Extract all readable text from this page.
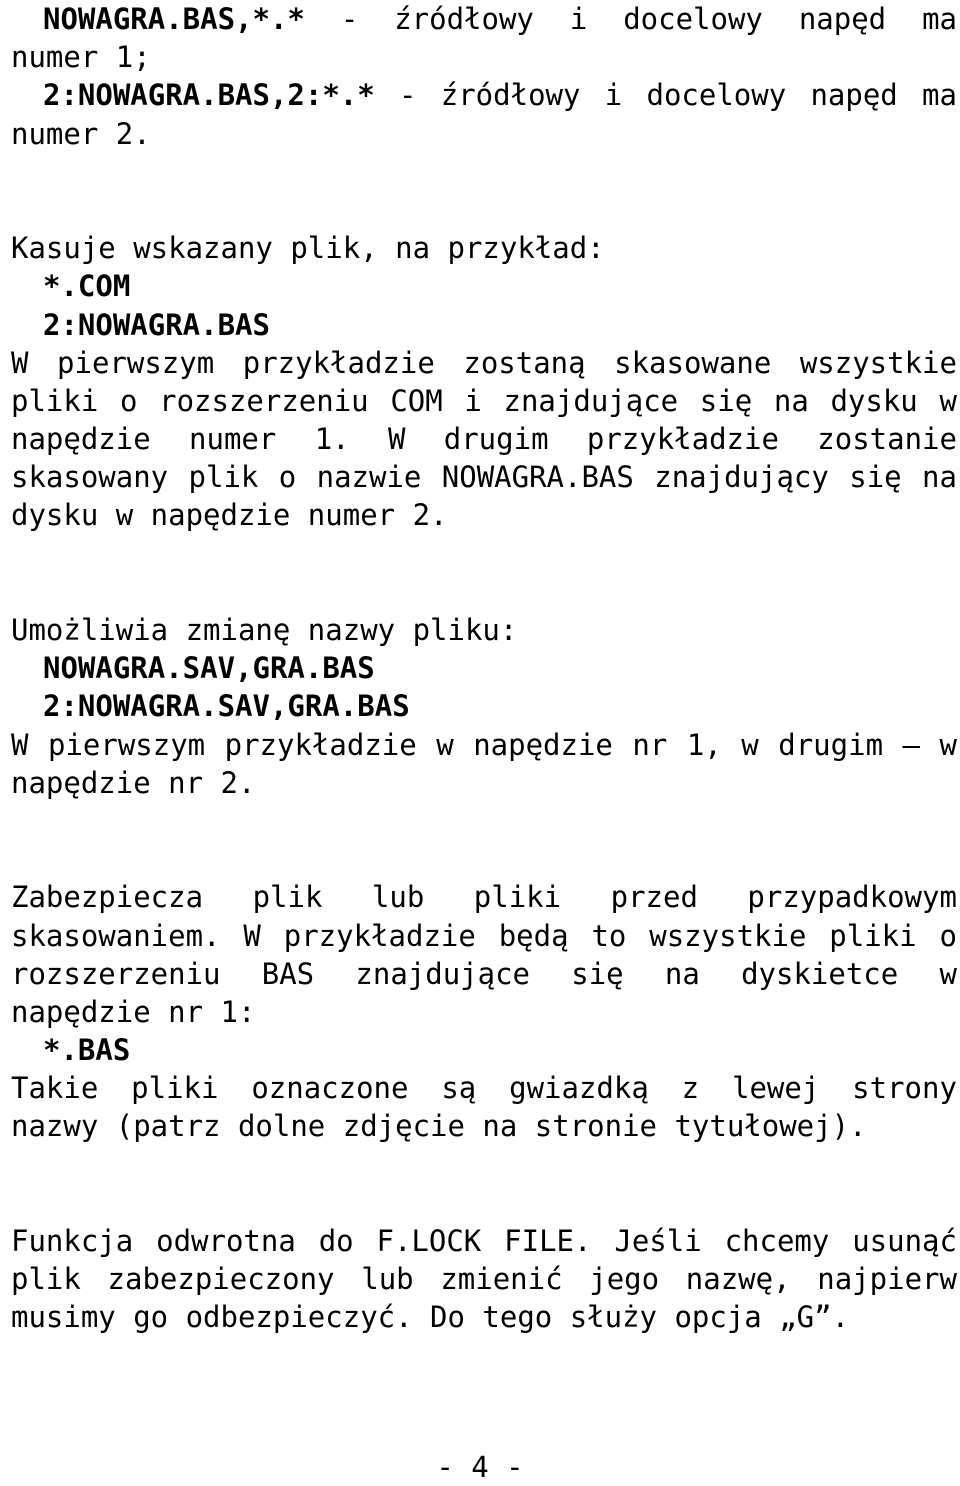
NOWAGRA.BAS,*.* - źródłowy i docelowy napęd ma
numer 1;
2:NOWAGRA.BAS,2:*.* - źródłowy i docelowy napęd ma
numer 2.

Kasuje wskazany plik, na przykład:
*.COM
2:NOWAGRA.BAS
W pierwszym przykładzie zostaną skasowane wszystkie
pliki o rozszerzeniu COM i znajdujące się na dysku w
napędzie numer 1. W drugim przykładzie zostanie
skasowany plik o nazwie NOWAGRA.BAS znajdujący się na
dysku w napędzie numer 2.

Umożliwia zmianę nazwy pliku:
NOWAGRA.SAV,GRA.BAS
2:NOWAGRA.SAV,GRA.BAS
W pierwszym przykładzie w napędzie nr 1, w drugim – w
napędzie nr 2.

Zabezpiecza plik lub pliki przed przypadkowym
skasowaniem. W przykładzie będą to wszystkie pliki o
rozszerzeniu BAS znajdujące się na dyskietce w
napędzie nr 1:
*.BAS
Takie pliki oznaczone są gwiazdką z lewej strony
nazwy (patrz dolne zdjęcie na stronie tytułowej).

Funkcja odwrotna do F.LOCK FILE. Jeśli chcemy usunąć
plik zabezpieczony lub zmienić jego nazwę, najpierw
musimy go odbezpieczyć. Do tego służy opcja „G”.
- 4 -
